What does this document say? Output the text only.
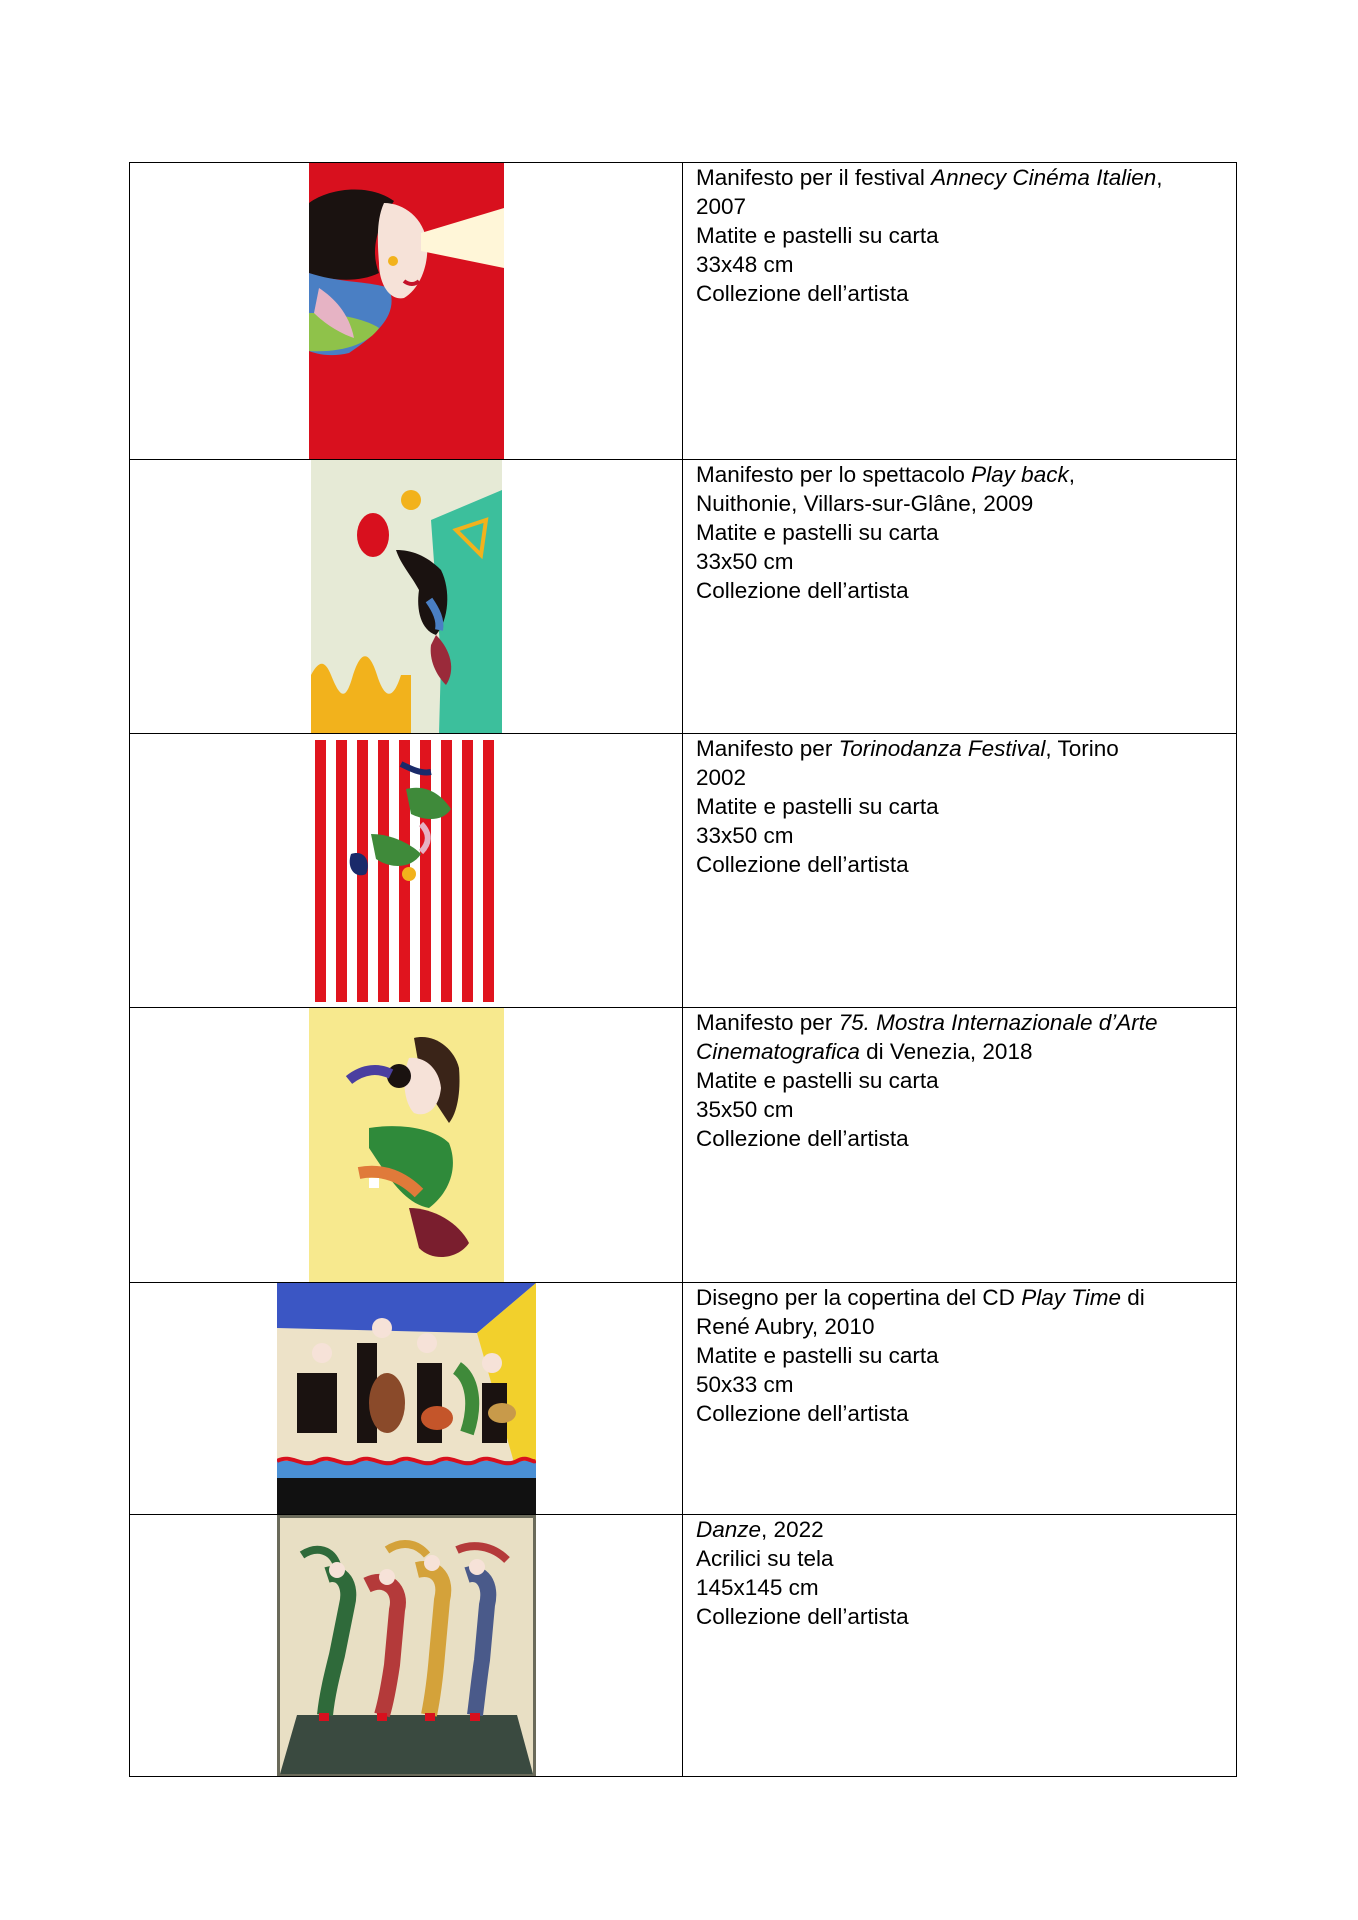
Manifesto per il festival Annecy Cinéma Italien,
2007
Matite e pastelli su carta
33x48 cm
Collezione dell’artista

Manifesto per lo spettacolo Play back,
Nuithonie, Villars-sur-Glâne, 2009
Matite e pastelli su carta
33x50 cm
Collezione dell’artista

Manifesto per Torinodanza Festival, Torino
2002
Matite e pastelli su carta
33x50 cm
Collezione dell’artista

Manifesto per 75. Mostra Internazionale d’Arte
Cinematografica di Venezia, 2018
Matite e pastelli su carta
35x50 cm
Collezione dell’artista

Disegno per la copertina del CD Play Time di
René Aubry, 2010
Matite e pastelli su carta
50x33 cm
Collezione dell’artista

Danze, 2022
Acrilici su tela
145x145 cm
Collezione dell’artista
